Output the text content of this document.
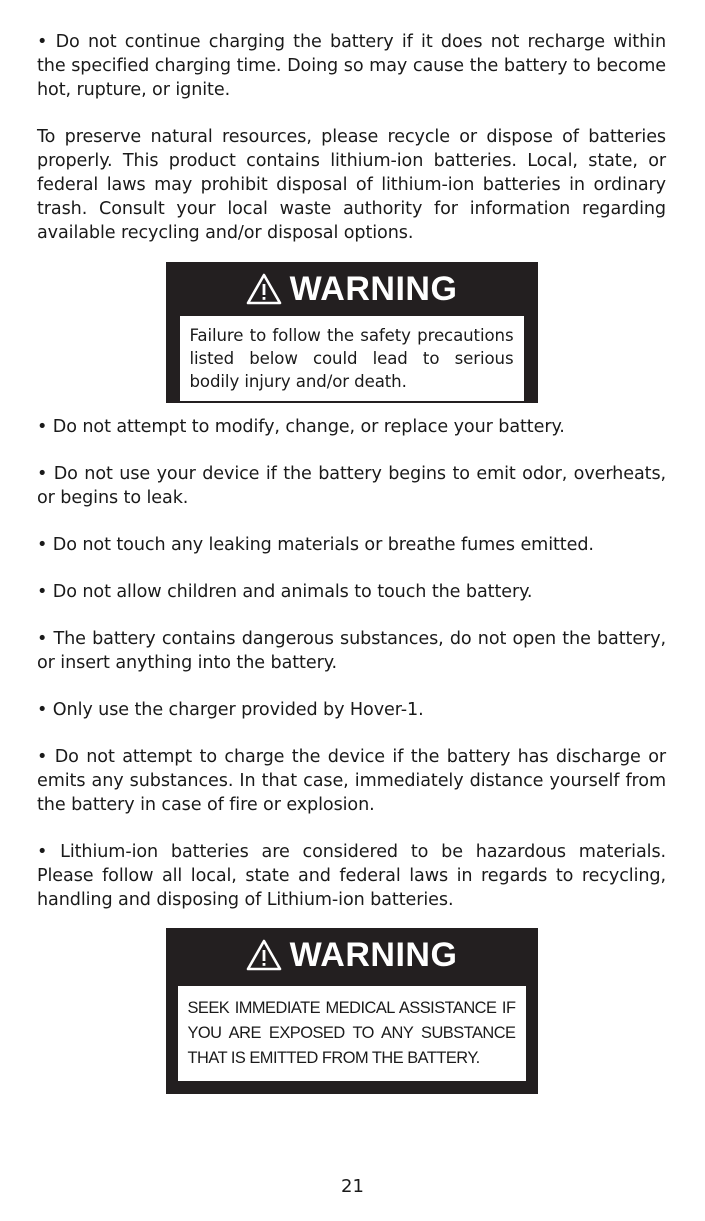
• Do not continue charging the battery if it does not recharge within the specified charging time. Doing so may cause the battery to become hot, rupture, or ignite.

To preserve natural resources, please recycle or dispose of batteries properly. This product contains lithium-ion batteries. Local, state, or federal laws may prohibit disposal of lithium-ion batteries in ordinary trash. Consult your local waste authority for information regarding available recycling and/or disposal options.

WARNING
Failure to follow the safety precautions listed below could lead to serious bodily injury and/or death.

• Do not attempt to modify, change, or replace your battery.

• Do not use your device if the battery begins to emit odor, overheats, or begins to leak.

• Do not touch any leaking materials or breathe fumes emitted.

• Do not allow children and animals to touch the battery.

• The battery contains dangerous substances, do not open the battery, or insert anything into the battery.

• Only use the charger provided by Hover-1.

• Do not attempt to charge the device if the battery has discharge or emits any substances. In that case, immediately distance yourself from the battery in case of fire or explosion.

• Lithium-ion batteries are considered to be hazardous materials. Please follow all local, state and federal laws in regards to recycling, handling and disposing of Lithium-ion batteries.

WARNING
SEEK IMMEDIATE MEDICAL ASSISTANCE IF YOU ARE EXPOSED TO ANY SUBSTANCE THAT IS EMITTED FROM THE BATTERY.
21
